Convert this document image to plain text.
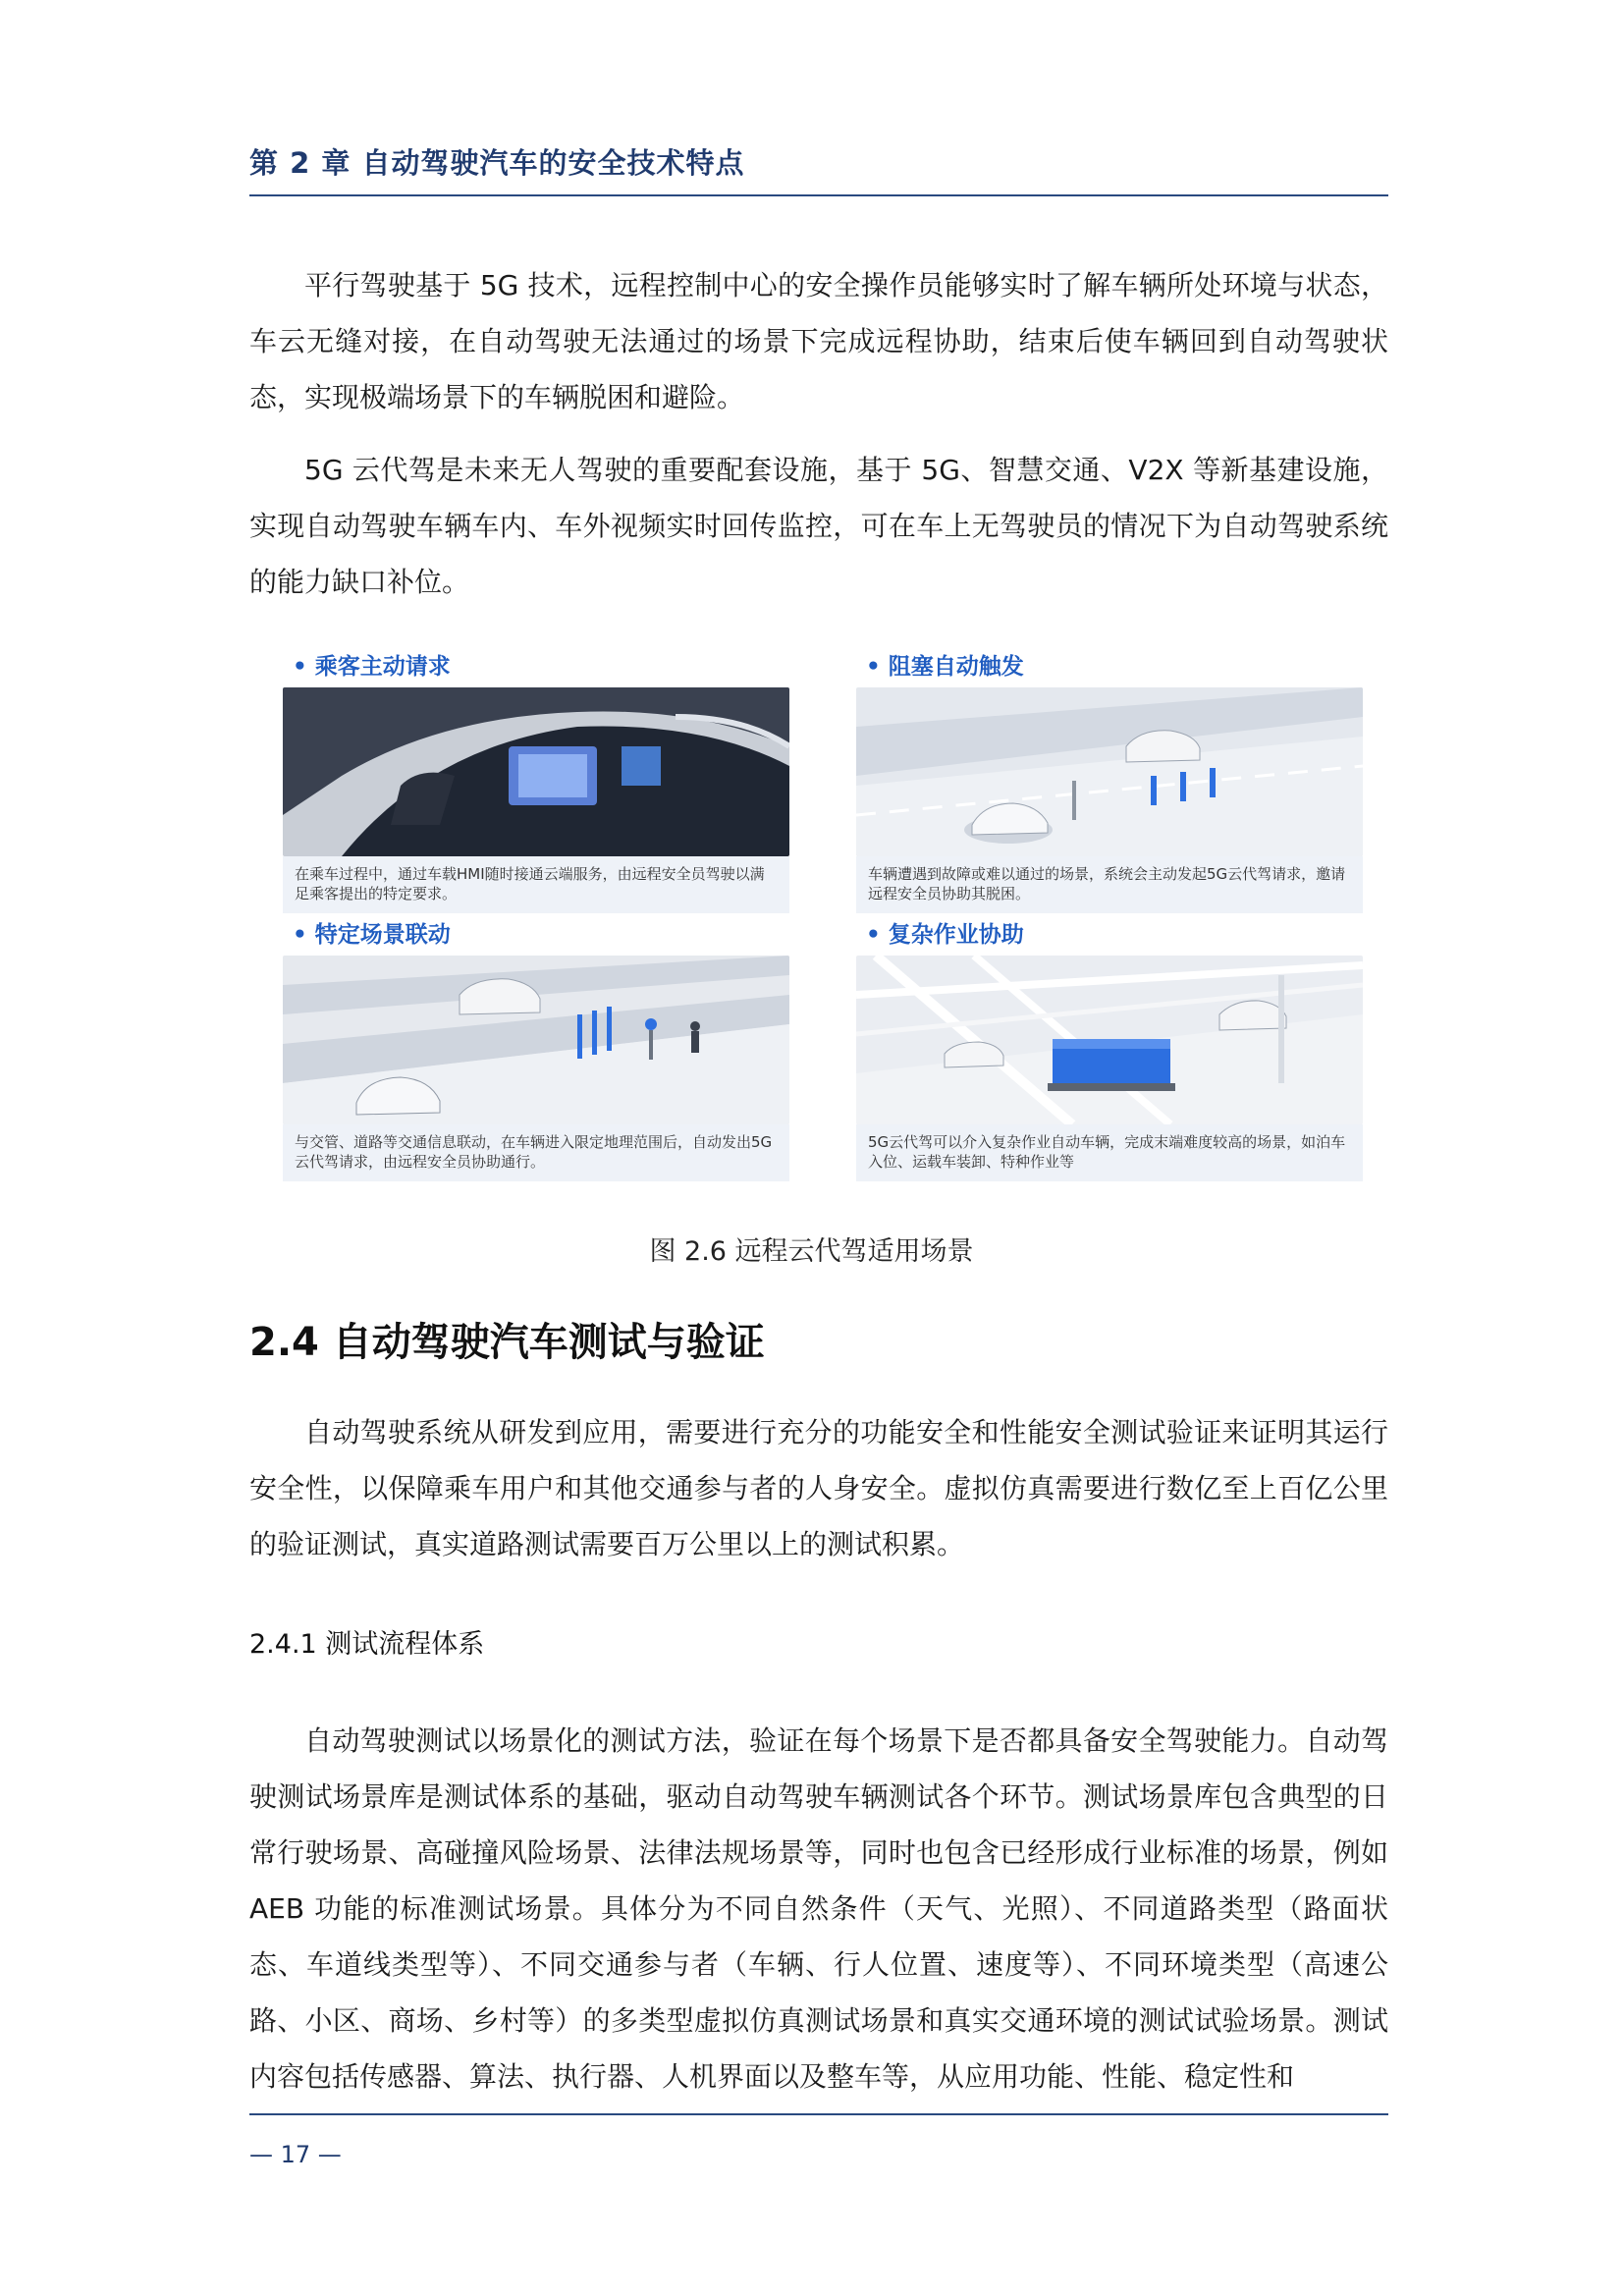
第 2 章 自动驾驶汽车的安全技术特点

平行驾驶基于 5G 技术，远程控制中心的安全操作员能够实时了解车辆所处环境与状态，车云无缝对接，在自动驾驶无法通过的场景下完成远程协助，结束后使车辆回到自动驾驶状态，实现极端场景下的车辆脱困和避险。

5G 云代驾是未来无人驾驶的重要配套设施，基于 5G、智慧交通、V2X 等新基建设施，实现自动驾驶车辆车内、车外视频实时回传监控，可在车上无驾驶员的情况下为自动驾驶系统的能力缺口补位。

• 乘客主动请求
在乘车过程中，通过车载HMI随时接通云端服务，由远程安全员驾驶以满足乘客提出的特定要求。
• 阻塞自动触发
车辆遭遇到故障或难以通过的场景，系统会主动发起5G云代驾请求，邀请远程安全员协助其脱困。
• 特定场景联动
与交管、道路等交通信息联动，在车辆进入限定地理范围后，自动发出5G云代驾请求，由远程安全员协助通行。
• 复杂作业协助
5G云代驾可以介入复杂作业自动车辆，完成末端难度较高的场景，如泊车入位、运载车装卸、特种作业等
图 2.6 远程云代驾适用场景
2.4 自动驾驶汽车测试与验证

自动驾驶系统从研发到应用，需要进行充分的功能安全和性能安全测试验证来证明其运行安全性，以保障乘车用户和其他交通参与者的人身安全。虚拟仿真需要进行数亿至上百亿公里的验证测试，真实道路测试需要百万公里以上的测试积累。

2.4.1 测试流程体系

自动驾驶测试以场景化的测试方法，验证在每个场景下是否都具备安全驾驶能力。自动驾驶测试场景库是测试体系的基础，驱动自动驾驶车辆测试各个环节。测试场景库包含典型的日常行驶场景、高碰撞风险场景、法律法规场景等，同时也包含已经形成行业标准的场景，例如 AEB 功能的标准测试场景。具体分为不同自然条件（天气、光照）、不同道路类型（路面状态、车道线类型等）、不同交通参与者（车辆、行人位置、速度等）、不同环境类型（高速公路、小区、商场、乡村等）的多类型虚拟仿真测试场景和真实交通环境的测试试验场景。测试内容包括传感器、算法、执行器、人机界面以及整车等，从应用功能、性能、稳定性和

— 17 —
